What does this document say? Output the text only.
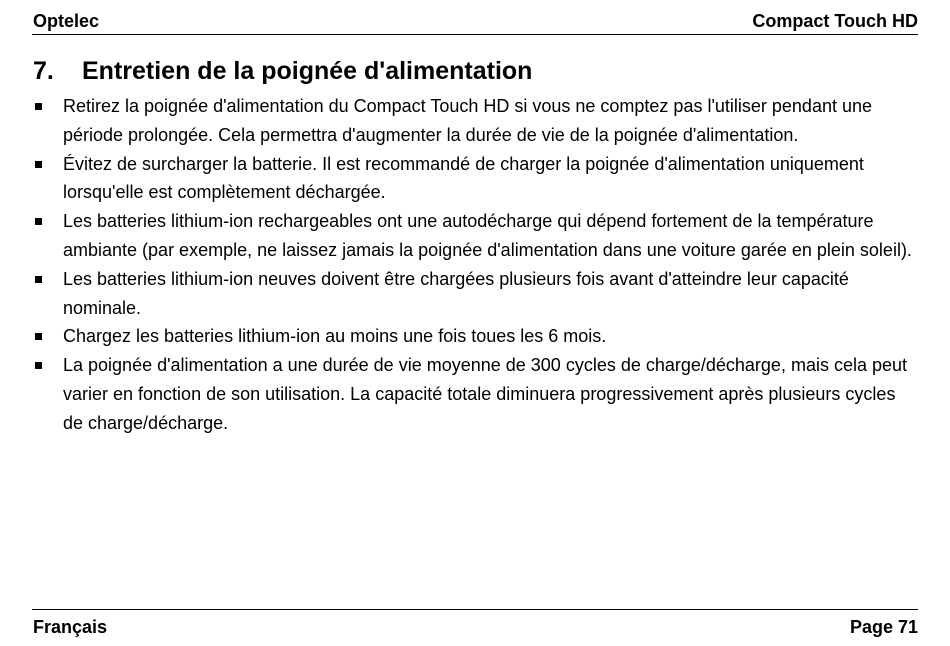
Optelec	Compact Touch HD
7. Entretien de la poignée d'alimentation
Retirez la poignée d'alimentation du Compact Touch HD si vous ne comptez pas l'utiliser pendant une période prolongée. Cela permettra d'augmenter la durée de vie de la poignée d'alimentation.
Évitez de surcharger la batterie. Il est recommandé de charger la poignée d'alimentation uniquement lorsqu'elle est complètement déchargée.
Les batteries lithium-ion rechargeables ont une autodécharge qui dépend fortement de la température ambiante (par exemple, ne laissez jamais la poignée d'alimentation dans une voiture garée en plein soleil).
Les batteries lithium-ion neuves doivent être chargées plusieurs fois avant d'atteindre leur capacité nominale.
Chargez les batteries lithium-ion au moins une fois toues les 6 mois.
La poignée d'alimentation a une durée de vie moyenne de 300 cycles de charge/décharge, mais cela peut varier en fonction de son utilisation. La capacité totale diminuera progressivement après plusieurs cycles de charge/décharge.
Français	Page 71
